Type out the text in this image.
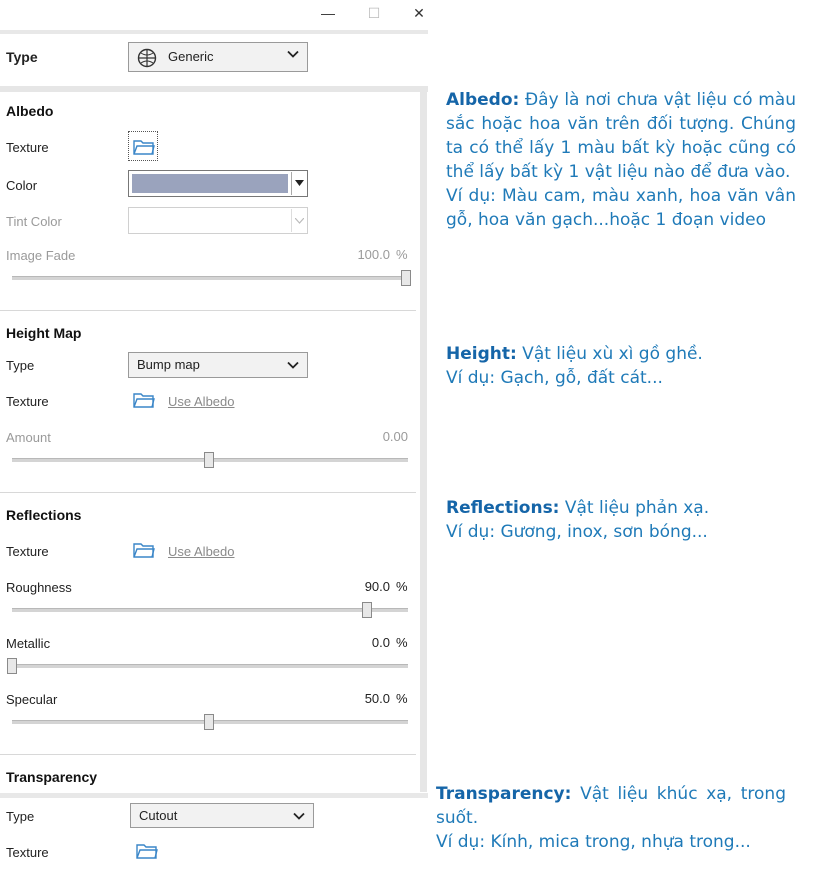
— ☐ ✕
Type	Generic
Albedo
Texture
Color
Tint Color
Image Fade	100.0 %
Height Map
Type	Bump map
Texture	Use Albedo
Amount	0.00
Reflections
Texture	Use Albedo
Roughness	90.0 %
Metallic	0.0 %
Specular	50.0 %
Transparency
Type	Cutout
Texture
Albedo: Đây là nơi chưa vật liệu có màu sắc hoặc hoa văn trên đối tượng. Chúng ta có thể lấy 1 màu bất kỳ hoặc cũng có thể lấy bất kỳ 1 vật liệu nào để đưa vào.
Ví dụ: Màu cam, màu xanh, hoa văn vân gỗ, hoa văn gạch...hoặc 1 đoạn video
Height: Vật liệu xù xì gồ ghề.
Ví dụ: Gạch, gỗ, đất cát...
Reflections: Vật liệu phản xạ.
Ví dụ: Gương, inox, sơn bóng...
Transparency: Vật liệu khúc xạ, trong suốt.
Ví dụ: Kính, mica trong, nhựa trong...
